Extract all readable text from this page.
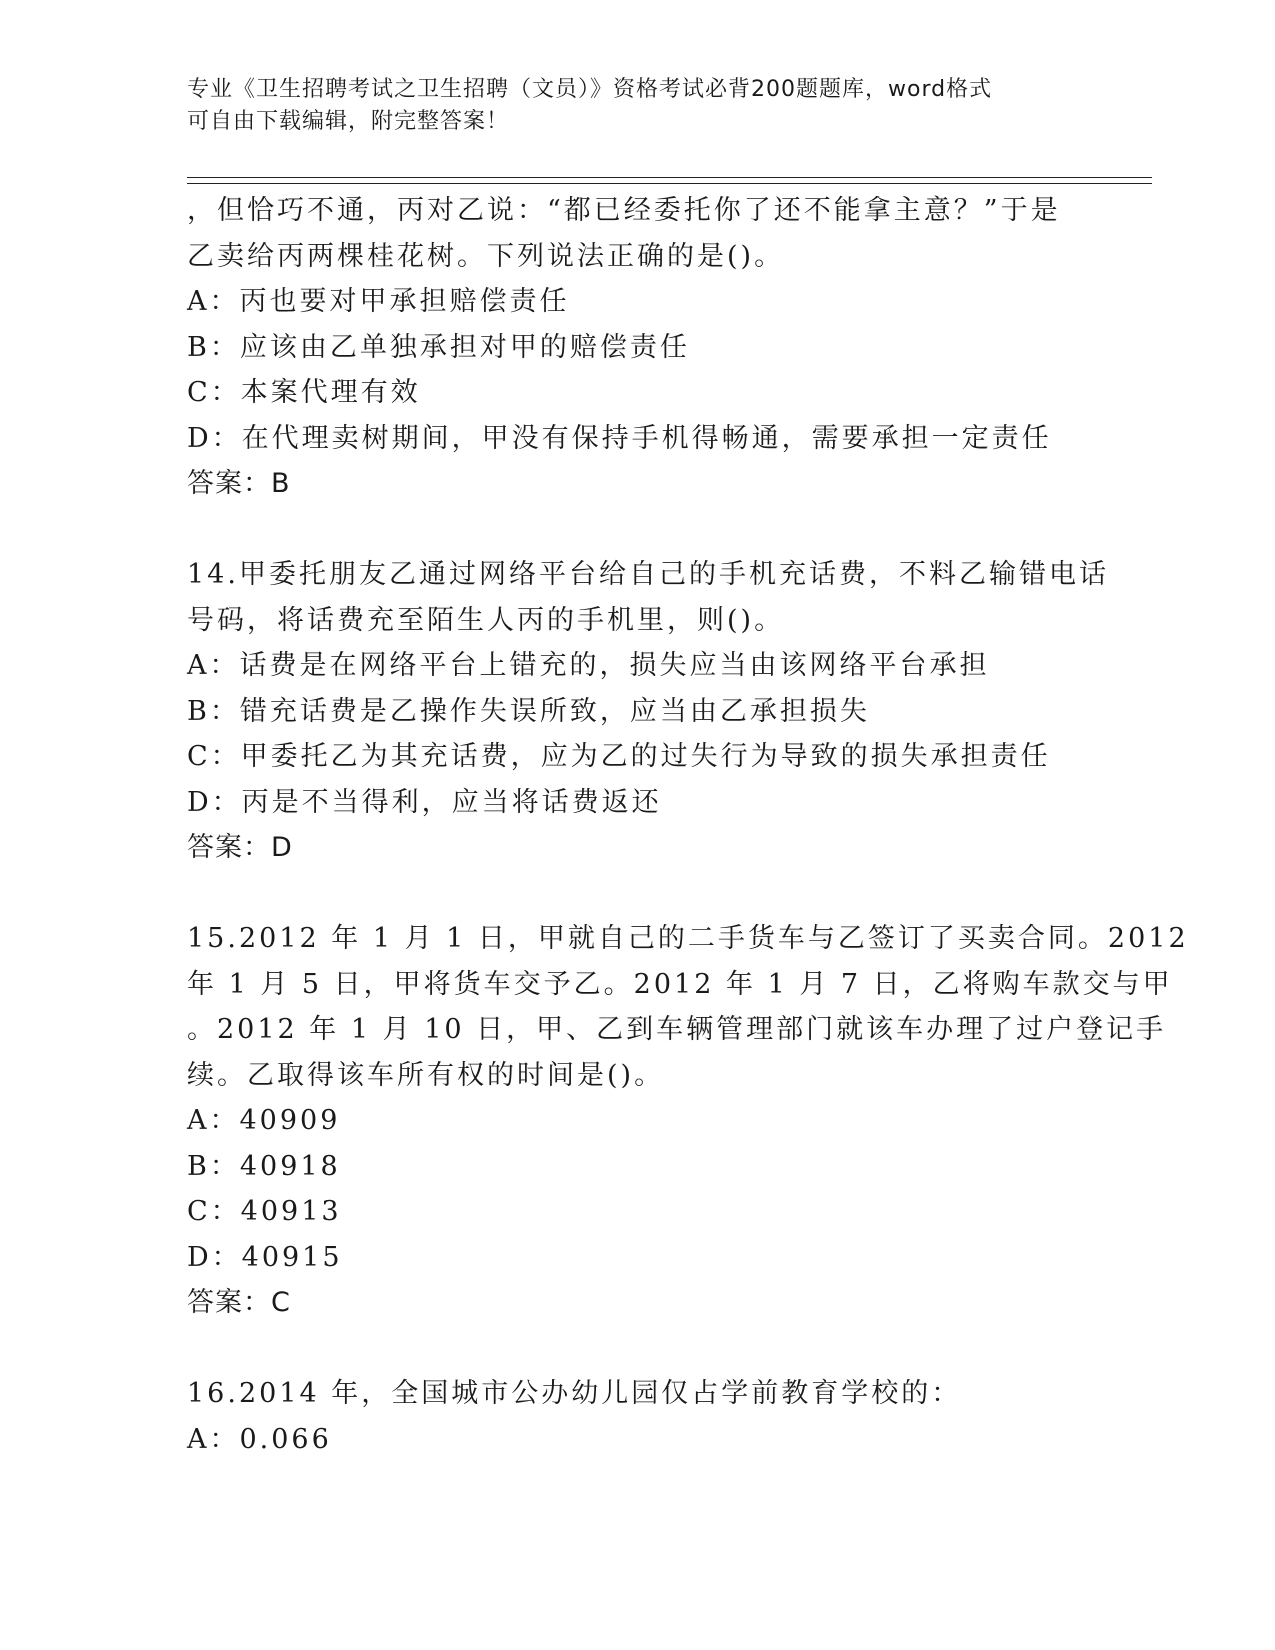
专业《卫生招聘考试之卫生招聘（文员）》资格考试必背200题题库，word格式
可自由下载编辑，附完整答案！
，但恰巧不通，丙对乙说：“都已经委托你了还不能拿主意？”于是
乙卖给丙两棵桂花树。下列说法正确的是()。
A：丙也要对甲承担赔偿责任
B：应该由乙单独承担对甲的赔偿责任
C：本案代理有效
D：在代理卖树期间，甲没有保持手机得畅通，需要承担一定责任
答案：B
14.甲委托朋友乙通过网络平台给自己的手机充话费，不料乙输错电话
号码，将话费充至陌生人丙的手机里，则()。
A：话费是在网络平台上错充的，损失应当由该网络平台承担
B：错充话费是乙操作失误所致，应当由乙承担损失
C：甲委托乙为其充话费，应为乙的过失行为导致的损失承担责任
D：丙是不当得利，应当将话费返还
答案：D
15.2012 年 1 月 1 日，甲就自己的二手货车与乙签订了买卖合同。2012
年 1 月 5 日，甲将货车交予乙。2012 年 1 月 7 日，乙将购车款交与甲
。2012 年 1 月 10 日，甲、乙到车辆管理部门就该车办理了过户登记手
续。乙取得该车所有权的时间是()。
A：40909
B：40918
C：40913
D：40915
答案：C
16.2014 年，全国城市公办幼儿园仅占学前教育学校的：
A：0.066
